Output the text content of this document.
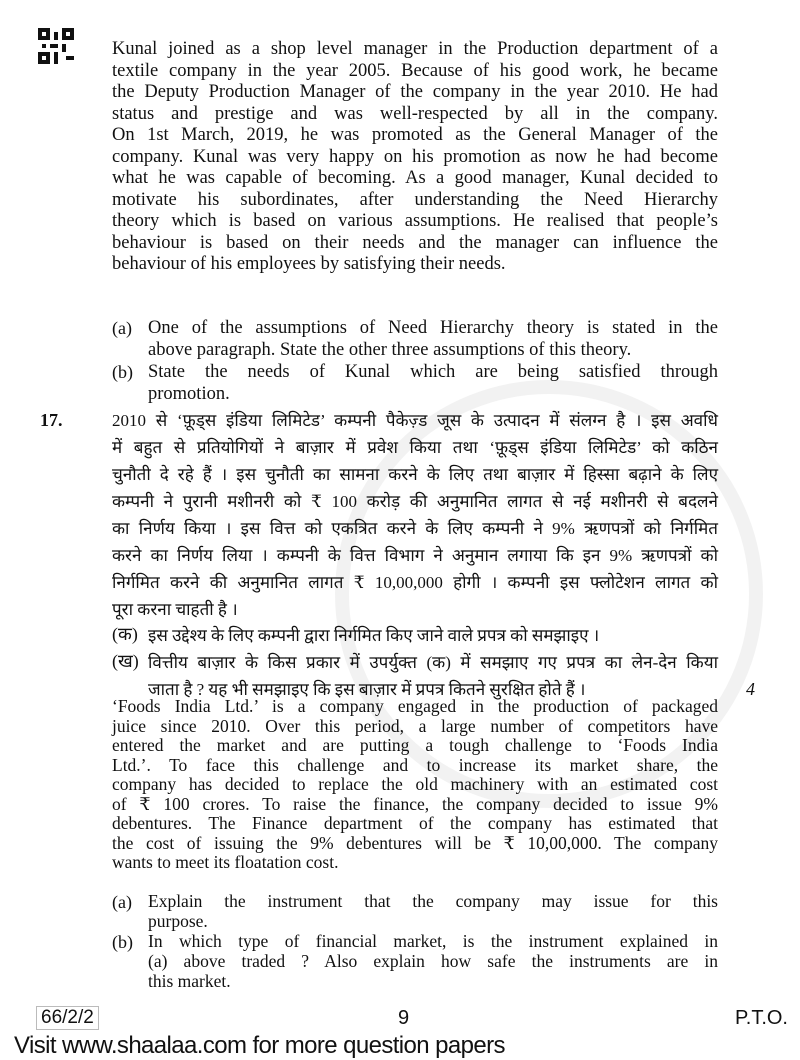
Kunal joined as a shop level manager in the Production department of a
textile company in the year 2005. Because of his good work, he became
the Deputy Production Manager of the company in the year 2010. He had
status and prestige and was well-respected by all in the company.
On 1st March, 2019, he was promoted as the General Manager of the
company. Kunal was very happy on his promotion as now he had become
what he was capable of becoming. As a good manager, Kunal decided to
motivate his subordinates, after understanding the Need Hierarchy
theory which is based on various assumptions. He realised that people’s
behaviour is based on their needs and the manager can influence the
behaviour of his employees by satisfying their needs.
(a) One of the assumptions of Need Hierarchy theory is stated in the
above paragraph. State the other three assumptions of this theory.
(b) State the needs of Kunal which are being satisfied through
promotion.
2010 से ‘फ़ूड्स इंडिया लिमिटेड’ कम्पनी पैकेज़्ड जूस के उत्पादन में संलग्न है । इस अवधि
में बहुत से प्रतियोगियों ने बाज़ार में प्रवेश किया तथा ‘फ़ूड्स इंडिया लिमिटेड’ को कठिन
चुनौती दे रहे हैं । इस चुनौती का सामना करने के लिए तथा बाज़ार में हिस्सा बढ़ाने के लिए
कम्पनी ने पुरानी मशीनरी को ₹ 100 करोड़ की अनुमानित लागत से नई मशीनरी से बदलने
का निर्णय किया । इस वित्त को एकत्रित करने के लिए कम्पनी ने 9% ऋणपत्रों को निर्गमित
करने का निर्णय लिया । कम्पनी के वित्त विभाग ने अनुमान लगाया कि इन 9% ऋणपत्रों को
निर्गमित करने की अनुमानित लागत ₹ 10,00,000 होगी । कम्पनी इस फ्लोटेशन लागत को
पूरा करना चाहती है ।
(क) इस उद्देश्य के लिए कम्पनी द्वारा निर्गमित किए जाने वाले प्रपत्र को समझाइए ।
(ख) वित्तीय बाज़ार के किस प्रकार में उपर्युक्त (क) में समझाए गए प्रपत्र का लेन-देन किया
जाता है ? यह भी समझाइए कि इस बाज़ार में प्रपत्र कितने सुरक्षित होते हैं ।
‘Foods India Ltd.’ is a company engaged in the production of packaged
juice since 2010. Over this period, a large number of competitors have
entered the market and are putting a tough challenge to ‘Foods India
Ltd.’. To face this challenge and to increase its market share, the
company has decided to replace the old machinery with an estimated cost
of ₹ 100 crores. To raise the finance, the company decided to issue 9%
debentures. The Finance department of the company has estimated that
the cost of issuing the 9% debentures will be ₹ 10,00,000. The company
wants to meet its floatation cost.
(a) Explain the instrument that the company may issue for this
purpose.
(b) In which type of financial market, is the instrument explained in
(a) above traded ? Also explain how safe the instruments are in
this market.
17.
4
66/2/2	9	P.T.O.
Visit www.shaalaa.com for more question papers
